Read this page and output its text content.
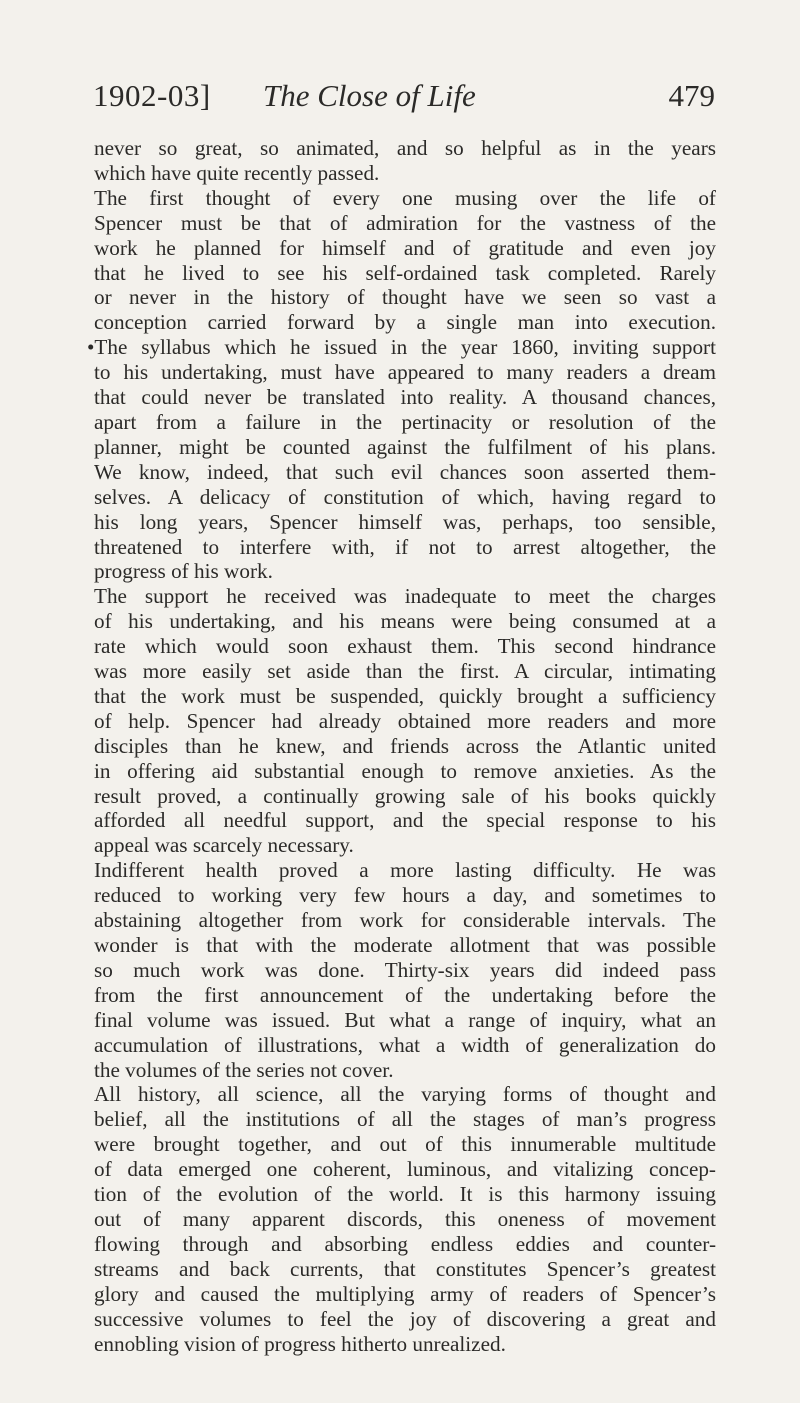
1902-03] The Close of Life	479
never so great, so animated, and so helpful as in the years
which have quite recently passed.
The first thought of every one musing over the life of
Spencer must be that of admiration for the vastness of the
work he planned for himself and of gratitude and even joy
that he lived to see his self-ordained task completed. Rarely
or never in the history of thought have we seen so vast a
conception carried forward by a single man into execution.
•The syllabus which he issued in the year 1860, inviting support
to his undertaking, must have appeared to many readers a dream
that could never be translated into reality. A thousand chances,
apart from a failure in the pertinacity or resolution of the
planner, might be counted against the fulfilment of his plans.
We know, indeed, that such evil chances soon asserted them-
selves. A delicacy of constitution of which, having regard to
his long years, Spencer himself was, perhaps, too sensible,
threatened to interfere with, if not to arrest altogether, the
progress of his work.
The support he received was inadequate to meet the charges
of his undertaking, and his means were being consumed at a
rate which would soon exhaust them. This second hindrance
was more easily set aside than the first. A circular, intimating
that the work must be suspended, quickly brought a sufficiency
of help. Spencer had already obtained more readers and more
disciples than he knew, and friends across the Atlantic united
in offering aid substantial enough to remove anxieties. As the
result proved, a continually growing sale of his books quickly
afforded all needful support, and the special response to his
appeal was scarcely necessary.
Indifferent health proved a more lasting difficulty. He was
reduced to working very few hours a day, and sometimes to
abstaining altogether from work for considerable intervals. The
wonder is that with the moderate allotment that was possible
so much work was done. Thirty-six years did indeed pass
from the first announcement of the undertaking before the
final volume was issued. But what a range of inquiry, what an
accumulation of illustrations, what a width of generalization do
the volumes of the series not cover.
All history, all science, all the varying forms of thought and
belief, all the institutions of all the stages of man’s progress
were brought together, and out of this innumerable multitude
of data emerged one coherent, luminous, and vitalizing concep-
tion of the evolution of the world. It is this harmony issuing
out of many apparent discords, this oneness of movement
flowing through and absorbing endless eddies and counter-
streams and back currents, that constitutes Spencer’s greatest
glory and caused the multiplying army of readers of Spencer’s
successive volumes to feel the joy of discovering a great and
ennobling vision of progress hitherto unrealized.
